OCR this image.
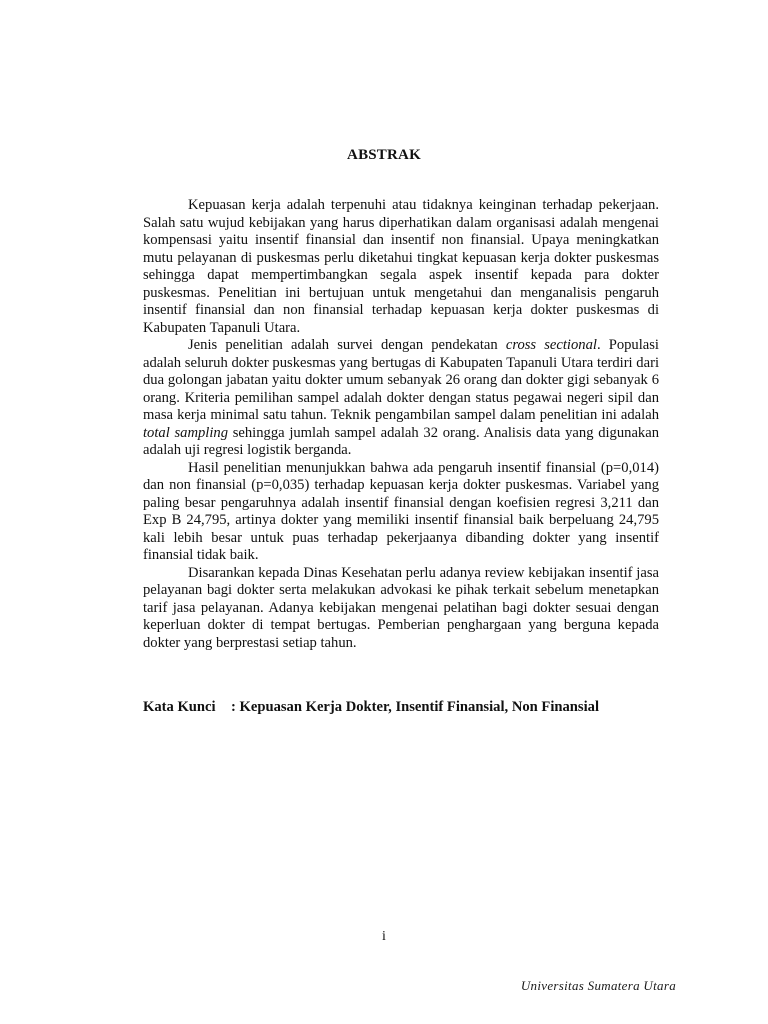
ABSTRAK

Kepuasan kerja adalah terpenuhi atau tidaknya keinginan terhadap pekerjaan. Salah satu wujud kebijakan yang harus diperhatikan dalam organisasi adalah mengenai kompensasi yaitu insentif finansial dan insentif non finansial. Upaya meningkatkan mutu pelayanan di puskesmas perlu diketahui tingkat kepuasan kerja dokter puskesmas sehingga dapat mempertimbangkan segala aspek insentif kepada para dokter puskesmas. Penelitian ini bertujuan untuk mengetahui dan menganalisis pengaruh insentif finansial dan non finansial terhadap kepuasan kerja dokter puskesmas di Kabupaten Tapanuli Utara.

Jenis penelitian adalah survei dengan pendekatan cross sectional. Populasi adalah seluruh dokter puskesmas yang bertugas di Kabupaten Tapanuli Utara terdiri dari dua golongan jabatan yaitu dokter umum sebanyak 26 orang dan dokter gigi sebanyak 6 orang. Kriteria pemilihan sampel adalah dokter dengan status pegawai negeri sipil dan masa kerja minimal satu tahun. Teknik pengambilan sampel dalam penelitian ini adalah total sampling sehingga jumlah sampel adalah 32 orang. Analisis data yang digunakan adalah uji regresi logistik berganda.

Hasil penelitian menunjukkan bahwa ada pengaruh insentif finansial (p=0,014) dan non finansial (p=0,035) terhadap kepuasan kerja dokter puskesmas. Variabel yang paling besar pengaruhnya adalah insentif finansial dengan koefisien regresi 3,211 dan Exp B 24,795, artinya dokter yang memiliki insentif finansial baik berpeluang 24,795 kali lebih besar untuk puas terhadap pekerjaanya dibanding dokter yang insentif finansial tidak baik.

Disarankan kepada Dinas Kesehatan perlu adanya review kebijakan insentif jasa pelayanan bagi dokter serta melakukan advokasi ke pihak terkait sebelum menetapkan tarif jasa pelayanan. Adanya kebijakan mengenai pelatihan bagi dokter sesuai dengan keperluan dokter di tempat bertugas. Pemberian penghargaan yang berguna kepada dokter yang berprestasi setiap tahun.

Kata Kunci : Kepuasan Kerja Dokter, Insentif Finansial, Non Finansial
i
Universitas Sumatera Utara
